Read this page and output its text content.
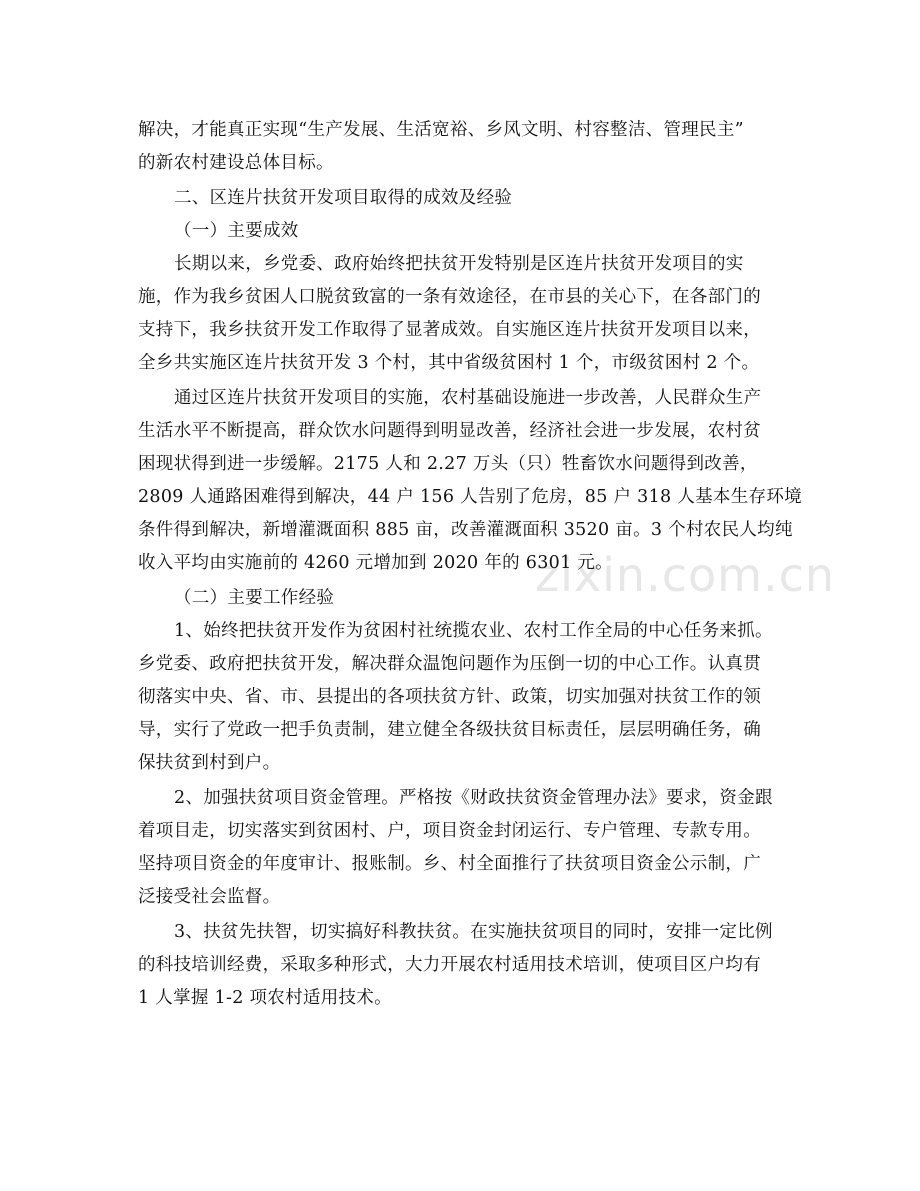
zixin.com.cn
解决，才能真正实现“生产发展、生活宽裕、乡风文明、村容整洁、管理民主”
的新农村建设总体目标。
二、区连片扶贫开发项目取得的成效及经验
（一）主要成效
长期以来，乡党委、政府始终把扶贫开发特别是区连片扶贫开发项目的实
施，作为我乡贫困人口脱贫致富的一条有效途径，在市县的关心下，在各部门的
支持下，我乡扶贫开发工作取得了显著成效。自实施区连片扶贫开发项目以来，
全乡共实施区连片扶贫开发 3 个村，其中省级贫困村 1 个，市级贫困村 2 个。
通过区连片扶贫开发项目的实施，农村基础设施进一步改善，人民群众生产
生活水平不断提高，群众饮水问题得到明显改善，经济社会进一步发展，农村贫
困现状得到进一步缓解。2175 人和 2.27 万头（只）牲畜饮水问题得到改善，
2809 人通路困难得到解决，44 户 156 人告别了危房，85 户 318 人基本生存环境
条件得到解决，新增灌溉面积 885 亩，改善灌溉面积 3520 亩。3 个村农民人均纯
收入平均由实施前的 4260 元增加到 2020 年的 6301 元。
（二）主要工作经验
1、始终把扶贫开发作为贫困村社统揽农业、农村工作全局的中心任务来抓。
乡党委、政府把扶贫开发，解决群众温饱问题作为压倒一切的中心工作。认真贯
彻落实中央、省、市、县提出的各项扶贫方针、政策，切实加强对扶贫工作的领
导，实行了党政一把手负责制，建立健全各级扶贫目标责任，层层明确任务，确
保扶贫到村到户。
2、加强扶贫项目资金管理。严格按《财政扶贫资金管理办法》要求，资金跟
着项目走，切实落实到贫困村、户，项目资金封闭运行、专户管理、专款专用。
坚持项目资金的年度审计、报账制。乡、村全面推行了扶贫项目资金公示制，广
泛接受社会监督。
3、扶贫先扶智，切实搞好科教扶贫。在实施扶贫项目的同时，安排一定比例
的科技培训经费，采取多种形式，大力开展农村适用技术培训，使项目区户均有
1 人掌握 1-2 项农村适用技术。
